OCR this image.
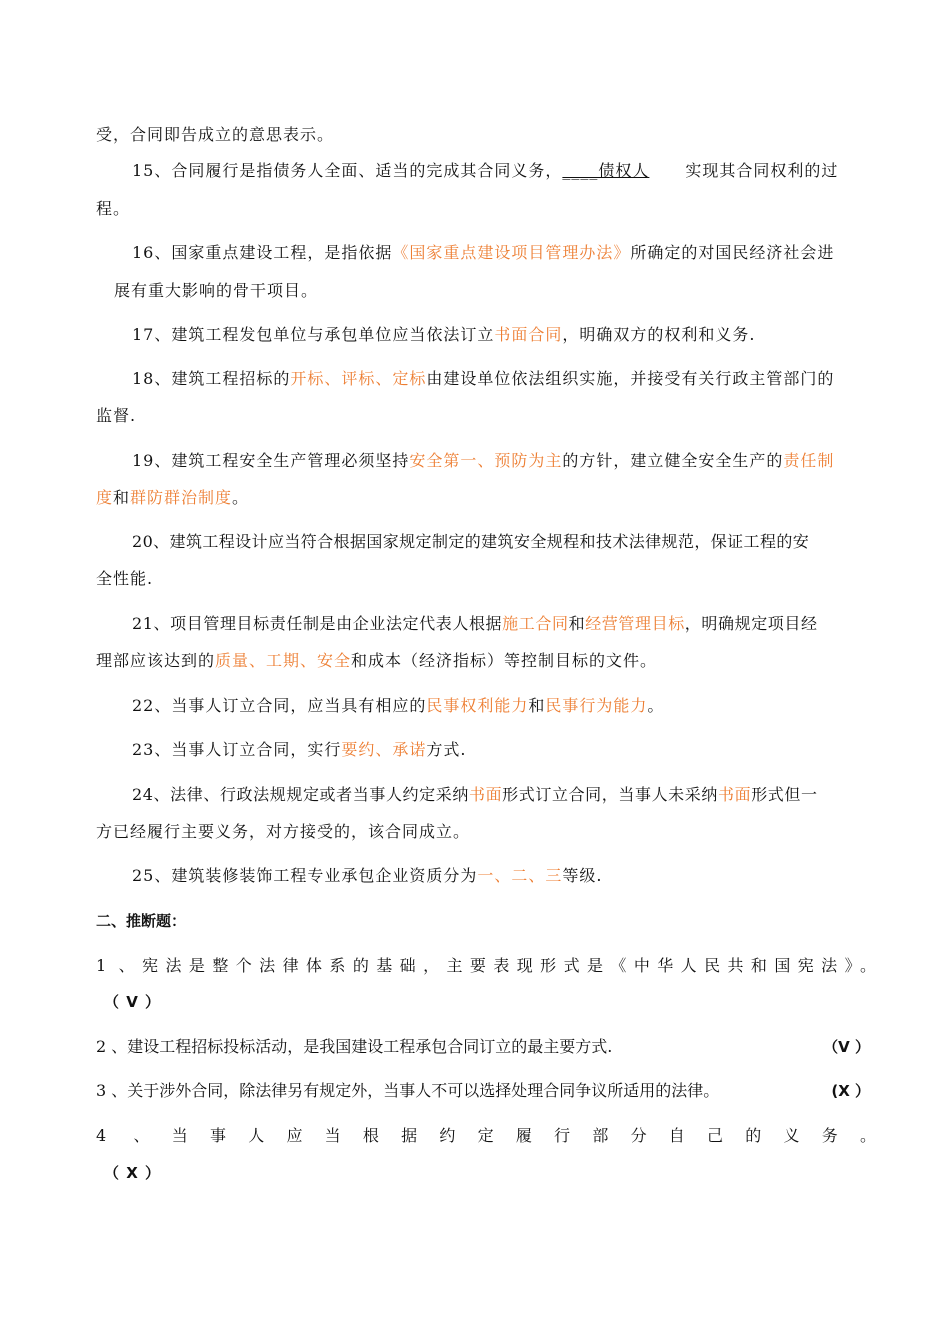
受，合同即告成立的意思表示。
15、合同履行是指债务人全面、适当的完成其合同义务，____债权人 实现其合同权利的过
程。
16、国家重点建设工程，是指依据《国家重点建设项目管理办法》所确定的对国民经济社会进
展有重大影响的骨干项目。
17、建筑工程发包单位与承包单位应当依法订立书面合同，明确双方的权利和义务.
18、建筑工程招标的开标、评标、定标由建设单位依法组织实施，并接受有关行政主管部门的
监督.
19、建筑工程安全生产管理必须坚持安全第一、预防为主的方针，建立健全安全生产的责任制
度和群防群治制度。
20、建筑工程设计应当符合根据国家规定制定的建筑安全规程和技术法律规范，保证工程的安
全性能.
21、项目管理目标责任制是由企业法定代表人根据施工合同和经营管理目标，明确规定项目经
理部应该达到的质量、工期、安全和成本（经济指标）等控制目标的文件。
22、当事人订立合同，应当具有相应的民事权利能力和民事行为能力。
23、当事人订立合同，实行要约、承诺方式.
24、法律、行政法规规定或者当事人约定采纳书面形式订立合同，当事人未采纳书面形式但一
方已经履行主要义务，对方接受的，该合同成立。
25、建筑装修装饰工程专业承包企业资质分为一、二、三等级.
二、推断题：
1 、宪法是整个法律体系的基础，主要表现形式是《中华人民共和国宪法》。
（ V ）
2 、建设工程招标投标活动，是我国建设工程承包合同订立的最主要方式.	（V ）
3 、关于涉外合同，除法律另有规定外，当事人不可以选择处理合同争议所适用的法律。	(X ）
4 、当事人应当根据约定履行部分自己的义务。
（ X ）
